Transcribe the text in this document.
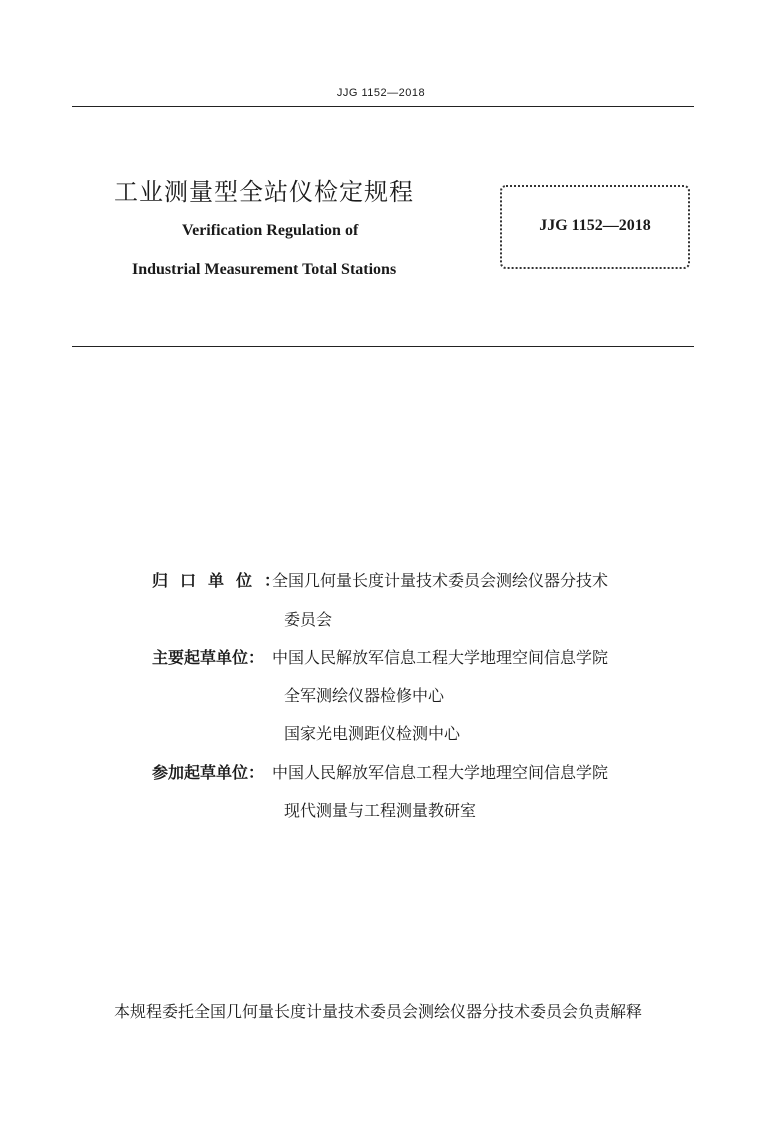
JJG 1152—2018
工业测量型全站仪检定规程
Verification Regulation of
Industrial Measurement Total Stations
JJG 1152—2018
归口单位：全国几何量长度计量技术委员会测绘仪器分技术
委员会
主要起草单位： 中国人民解放军信息工程大学地理空间信息学院
全军测绘仪器检修中心
国家光电测距仪检测中心
参加起草单位： 中国人民解放军信息工程大学地理空间信息学院
现代测量与工程测量教研室
本规程委托全国几何量长度计量技术委员会测绘仪器分技术委员会负责解释
